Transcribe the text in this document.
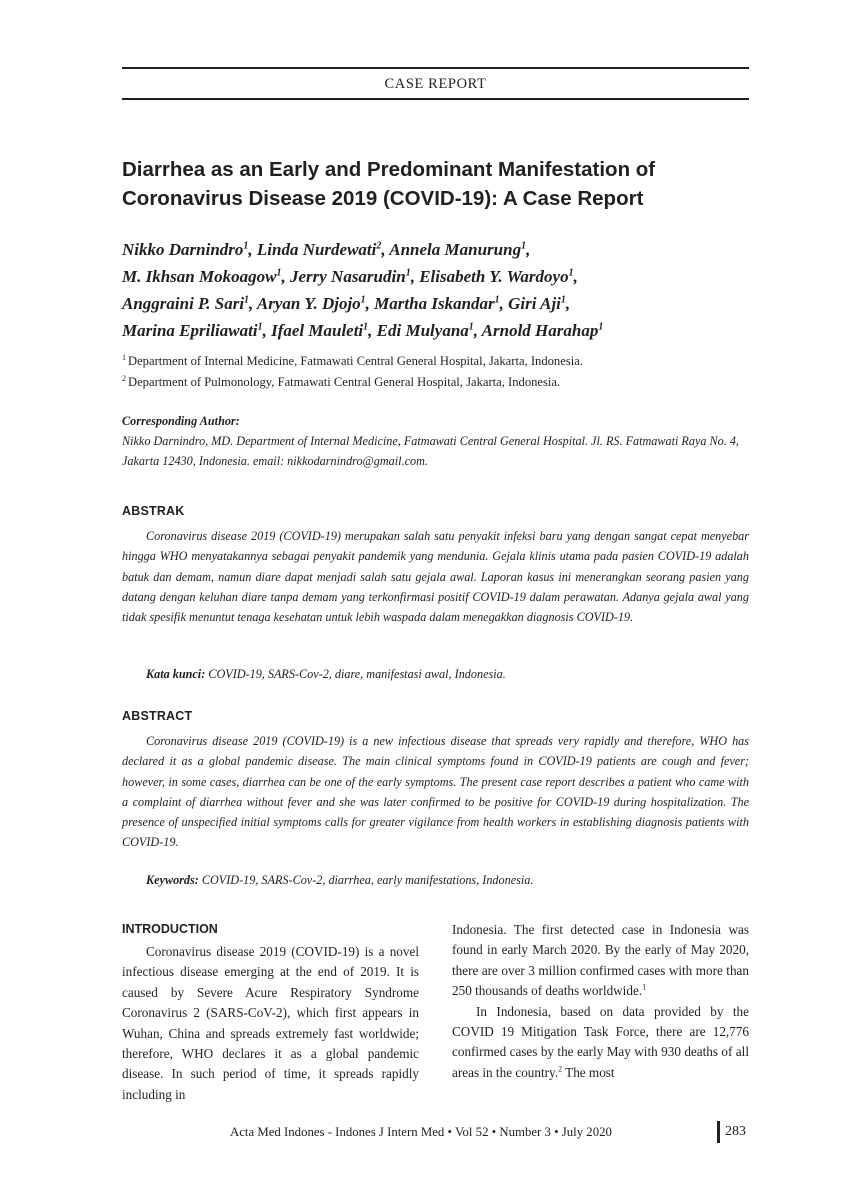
CASE REPORT
Diarrhea as an Early and Predominant Manifestation of
Coronavirus Disease 2019 (COVID-19): A Case Report

Nikko Darnindro$^1$, Linda Nurdewati$^2$, Annela Manurung$^1$,
M. Ikhsan Mokoagow$^1$, Jerry Nasarudin$^1$, Elisabeth Y. Wardoyo$^1$,
Anggraini P. Sari$^1$, Aryan Y. Djojo$^1$, Martha Iskandar$^1$, Giri Aji$^1$,
Marina Epriliawati$^1$, Ifael Mauleti$^1$, Edi Mulyana$^1$, Arnold Harahap$^1$

$^1$ Department of Internal Medicine, Fatmawati Central General Hospital, Jakarta, Indonesia.
$^2$ Department of Pulmonology, Fatmawati Central General Hospital, Jakarta, Indonesia.
Corresponding Author:
Nikko Darnindro, MD. Department of Internal Medicine, Fatmawati Central General Hospital. Jl. RS. Fatmawati Raya No. 4, Jakarta 12430, Indonesia. email: nikkodarnindro@gmail.com.
ABSTRAK

Coronavirus disease 2019 (COVID-19) merupakan salah satu penyakit infeksi baru yang dengan sangat cepat menyebar hingga WHO menyatakannya sebagai penyakit pandemik yang mendunia. Gejala klinis utama pada pasien COVID-19 adalah batuk dan demam, namun diare dapat menjadi salah satu gejala awal. Laporan kasus ini menerangkan seorang pasien yang datang dengan keluhan diare tanpa demam yang terkonfirmasi positif COVID-19 dalam perawatan. Adanya gejala awal yang tidak spesifik menuntut tenaga kesehatan untuk lebih waspada dalam menegakkan diagnosis COVID-19.

Kata kunci: COVID-19, SARS-Cov-2, diare, manifestasi awal, Indonesia.

ABSTRACT

Coronavirus disease 2019 (COVID-19) is a new infectious disease that spreads very rapidly and therefore, WHO has declared it as a global pandemic disease. The main clinical symptoms found in COVID-19 patients are cough and fever; however, in some cases, diarrhea can be one of the early symptoms. The present case report describes a patient who came with a complaint of diarrhea without fever and she was later confirmed to be positive for COVID-19 during hospitalization. The presence of unspecified initial symptoms calls for greater vigilance from health workers in establishing diagnosis patients with COVID-19.

Keywords: COVID-19, SARS-Cov-2, diarrhea, early manifestations, Indonesia.

INTRODUCTION

Coronavirus disease 2019 (COVID-19) is a novel infectious disease emerging at the end of 2019. It is caused by Severe Acure Respiratory Syndrome Coronavirus 2 (SARS-CoV-2), which first appears in Wuhan, China and spreads extremely fast worldwide; therefore, WHO declares it as a global pandemic disease. In such period of time, it spreads rapidly including in

Indonesia. The first detected case in Indonesia was found in early March 2020. By the early of May 2020, there are over 3 million confirmed cases with more than 250 thousands of deaths worldwide.$^1$

In Indonesia, based on data provided by the COVID 19 Mitigation Task Force, there are 12,776 confirmed cases by the early May with 930 deaths of all areas in the country.$^2$ The most

Acta Med Indones - Indones J Intern Med • Vol 52 • Number 3 • July 2020	283
